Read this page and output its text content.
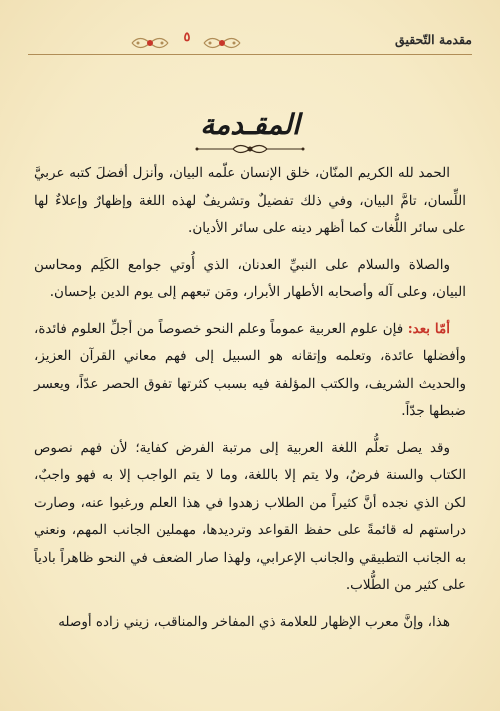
مقدمة التّحقيق
٥
المقـدمة

الحمد لله الكريم المنّان، خلق الإنسان علّمه البيان، وأنزل أفضلَ كتبه عربيَّ اللِّسان، تامَّ البيان، وفي ذلك تفضيلٌ وتشريفٌ لهذه اللغة وإظهارٌ وإعلاءٌ لها على سائر اللُّغات كما أظهر دينه على سائر الأديان.

والصلاة والسلام على النبيِّ العدنان، الذي أُوتي جوامع الكَلِم ومحاسن البيان، وعلى آله وأصحابه الأطهار الأبرار، ومَن تبعهم إلى يوم الدين بإحسان.

أمّا بعد: فإن علوم العربية عموماً وعلم النحو خصوصاً من أجلِّ العلوم فائدة، وأفضلها عائدة، وتعلمه وإتقانه هو السبيل إلى فهم معاني القرآن العزيز، والحديث الشريف، والكتب المؤلفة فيه بسبب كثرتها تفوق الحصر عدّاً، ويعسر ضبطها جدّاً.

وقد يصل تعلُّم اللغة العربية إلى مرتبة الفرض كفاية؛ لأن فهم نصوص الكتاب والسنة فرضٌ، ولا يتم إلا باللغة، وما لا يتم الواجب إلا به فهو واجبٌ، لكن الذي نجده أنَّ كثيراً من الطلاب زهدوا في هذا العلم ورغبوا عنه، وصارت دراستهم له قائمةً على حفظ القواعد وترديدها، مهملين الجانب المهم، ونعني به الجانب التطبيقي والجانب الإعرابي، ولهذا صار الضعف في النحو ظاهراً بادياً على كثير من الطُّلاب.

هذا، وإنَّ معرب الإظهار للعلامة ذي المفاخر والمناقب، زيني زاده أوصله
